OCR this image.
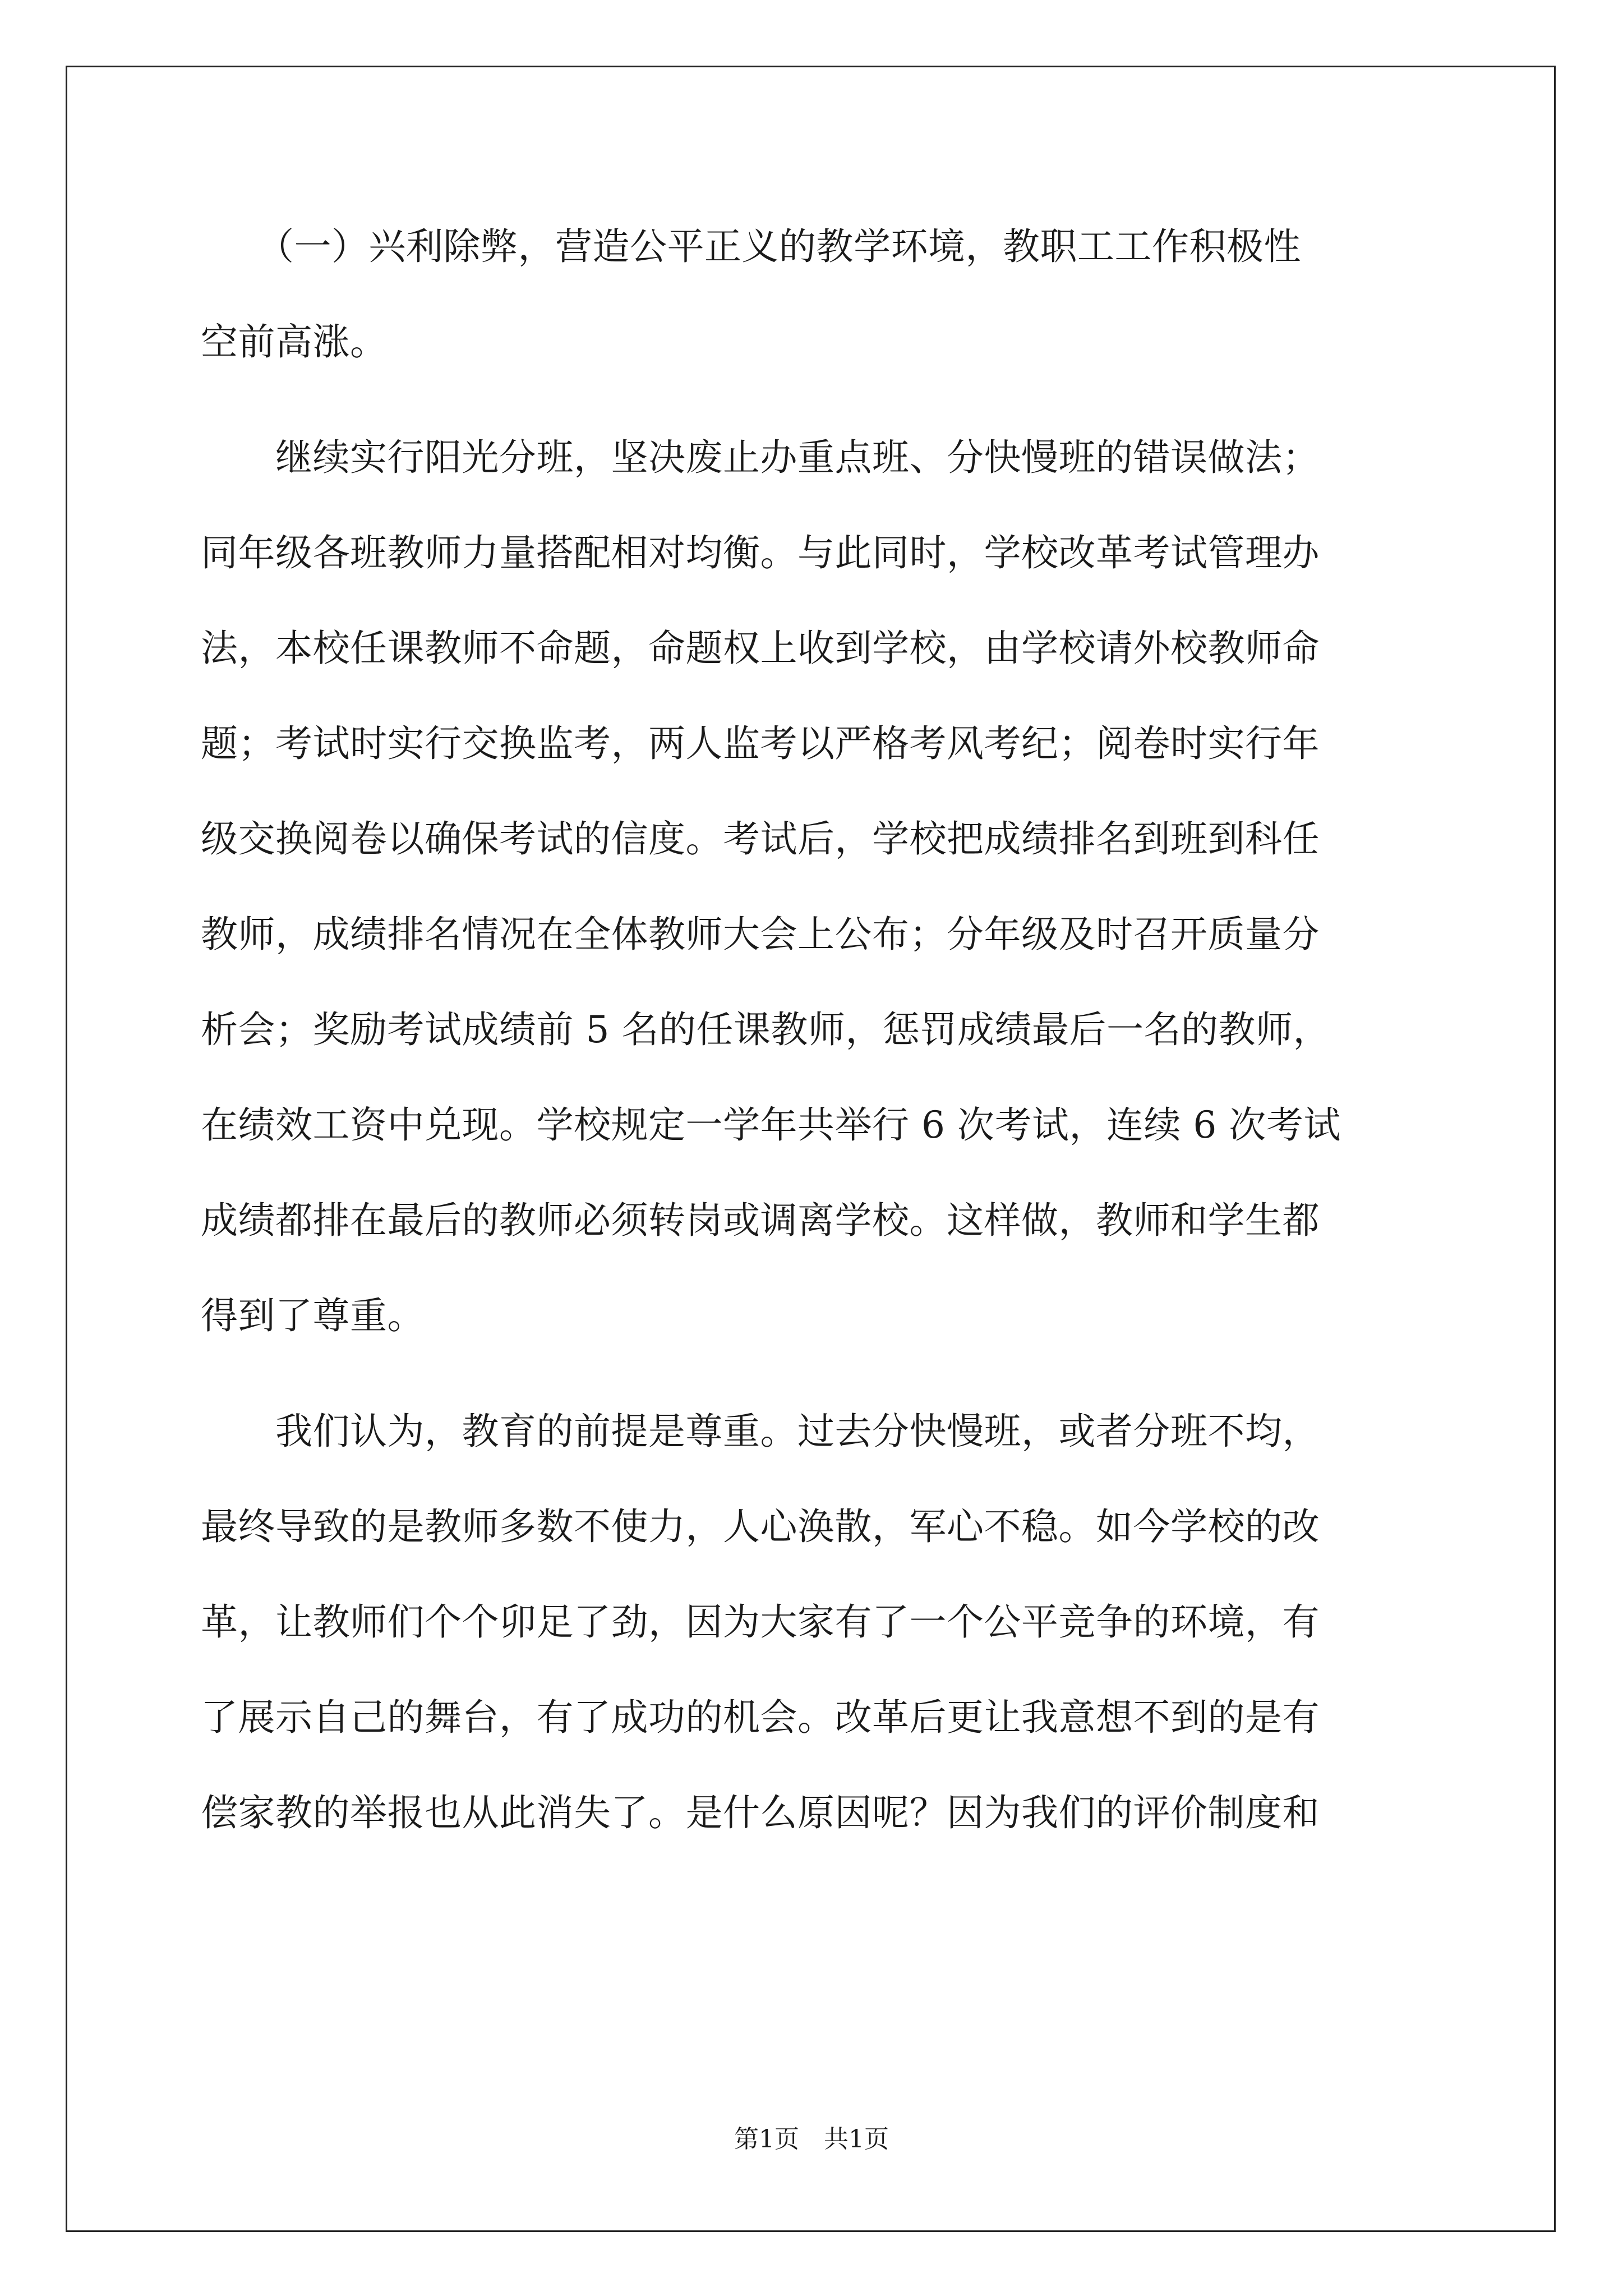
　　（一）兴利除弊，营造公平正义的教学环境，教职工工作积极性
空前高涨。
　　继续实行阳光分班，坚决废止办重点班、分快慢班的错误做法；
同年级各班教师力量搭配相对均衡。与此同时，学校改革考试管理办
法，本校任课教师不命题，命题权上收到学校，由学校请外校教师命
题；考试时实行交换监考，两人监考以严格考风考纪；阅卷时实行年
级交换阅卷以确保考试的信度。考试后，学校把成绩排名到班到科任
教师，成绩排名情况在全体教师大会上公布；分年级及时召开质量分
析会；奖励考试成绩前 5 名的任课教师，惩罚成绩最后一名的教师，
在绩效工资中兑现。学校规定一学年共举行 6 次考试，连续 6 次考试
成绩都排在最后的教师必须转岗或调离学校。这样做，教师和学生都
得到了尊重。
　　我们认为，教育的前提是尊重。过去分快慢班，或者分班不均，
最终导致的是教师多数不使力，人心涣散，军心不稳。如今学校的改
革，让教师们个个卯足了劲，因为大家有了一个公平竞争的环境，有
了展示自己的舞台，有了成功的机会。改革后更让我意想不到的是有
偿家教的举报也从此消失了。是什么原因呢？因为我们的评价制度和
第1页　共1页
